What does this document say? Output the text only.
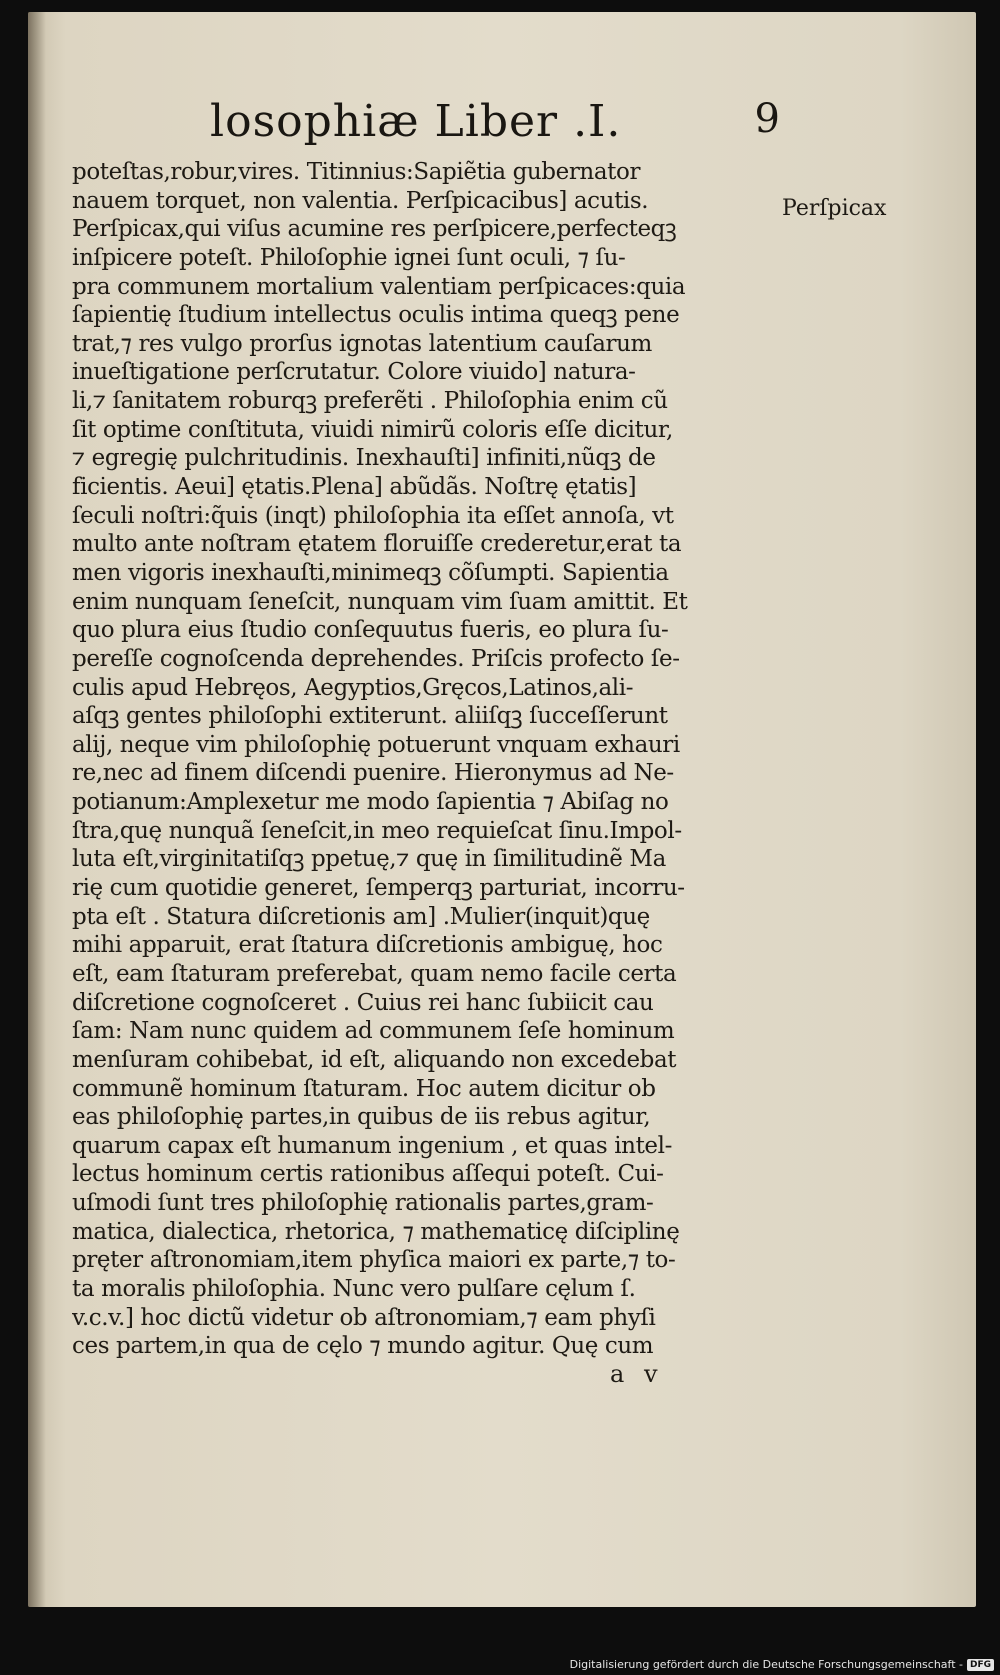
losophiæ Liber .I.	9
Perſpicax
poteſtas,robur,vires. Titinnius:Sapiẽtia gubernator
nauem torquet, non valentia. Perſpicacibus] acutis.
Perſpicax,qui viſus acumine res perſpicere,perfecteqꝫ
inſpicere poteſt. Philoſophie ignei ſunt oculi, ⁊ ſu-
pra communem mortalium valentiam perſpicaces:quia
ſapientię ſtudium intellectus oculis intima queqꝫ pene
trat,⁊ res vulgo prorſus ignotas latentium cauſarum
inueſtigatione perſcrutatur. Colore viuido] natura-
li,⁊ ſanitatem roburqꝫ preferẽti . Philoſophia enim cũ
ſit optime conſtituta, viuidi nimirũ coloris eſſe dicitur,
⁊ egregię pulchritudinis. Inexhauſti] infiniti,nũqꝫ de
ficientis. Aeui] ętatis.Plena] abũdãs. Noſtrę ętatis]
ſeculi noſtri:q̃uis (inqt) philoſophia ita eſſet annoſa, vt
multo ante noſtram ętatem floruiſſe crederetur,erat ta
men vigoris inexhauſti,minimeqꝫ cõſumpti. Sapientia
enim nunquam ſeneſcit, nunquam vim ſuam amittit. Et
quo plura eius ſtudio conſequutus fueris, eo plura ſu-
pereſſe cognoſcenda deprehendes. Priſcis profecto ſe-
culis apud Hebręos, Aegyptios,Gręcos,Latinos,ali-
aſqꝫ gentes philoſophi extiterunt. aliiſqꝫ ſucceſſerunt
alij, neque vim philoſophię potuerunt vnquam exhauri
re,nec ad finem diſcendi puenire. Hieronymus ad Ne-
potianum:Amplexetur me modo ſapientia ⁊ Abiſag no
ſtra,quę nunquã ſeneſcit,in meo requieſcat ſinu.Impol-
luta eſt,virginitatiſqꝫ ppetuę,⁊ quę in ſimilitudinẽ Ma
rię cum quotidie generet, ſemperqꝫ parturiat, incorru-
pta eſt . Statura diſcretionis am] .Mulier(inquit)quę
mihi apparuit, erat ſtatura diſcretionis ambiguę, hoc
eſt, eam ſtaturam preferebat, quam nemo facile certa
diſcretione cognoſceret . Cuius rei hanc ſubiicit cau
ſam: Nam nunc quidem ad communem ſeſe hominum
menſuram cohibebat, id eſt, aliquando non excedebat
communẽ hominum ſtaturam. Hoc autem dicitur ob
eas philoſophię partes,in quibus de iis rebus agitur,
quarum capax eſt humanum ingenium , et quas intel-
lectus hominum certis rationibus aſſequi poteſt. Cui-
uſmodi ſunt tres philoſophię rationalis partes,gram-
matica, dialectica, rhetorica, ⁊ mathematicę diſciplinę
pręter aſtronomiam,item phyſica maiori ex parte,⁊ to-
ta moralis philoſophia. Nunc vero pulſare cęlum ſ.
v.c.v.] hoc dictũ videtur ob aſtronomiam,⁊ eam phyſi
ces partem,in qua de cęlo ⁊ mundo agitur. Quę cum
a v
Digitalisierung gefördert durch die Deutsche Forschungsgemeinschaft - DFG
